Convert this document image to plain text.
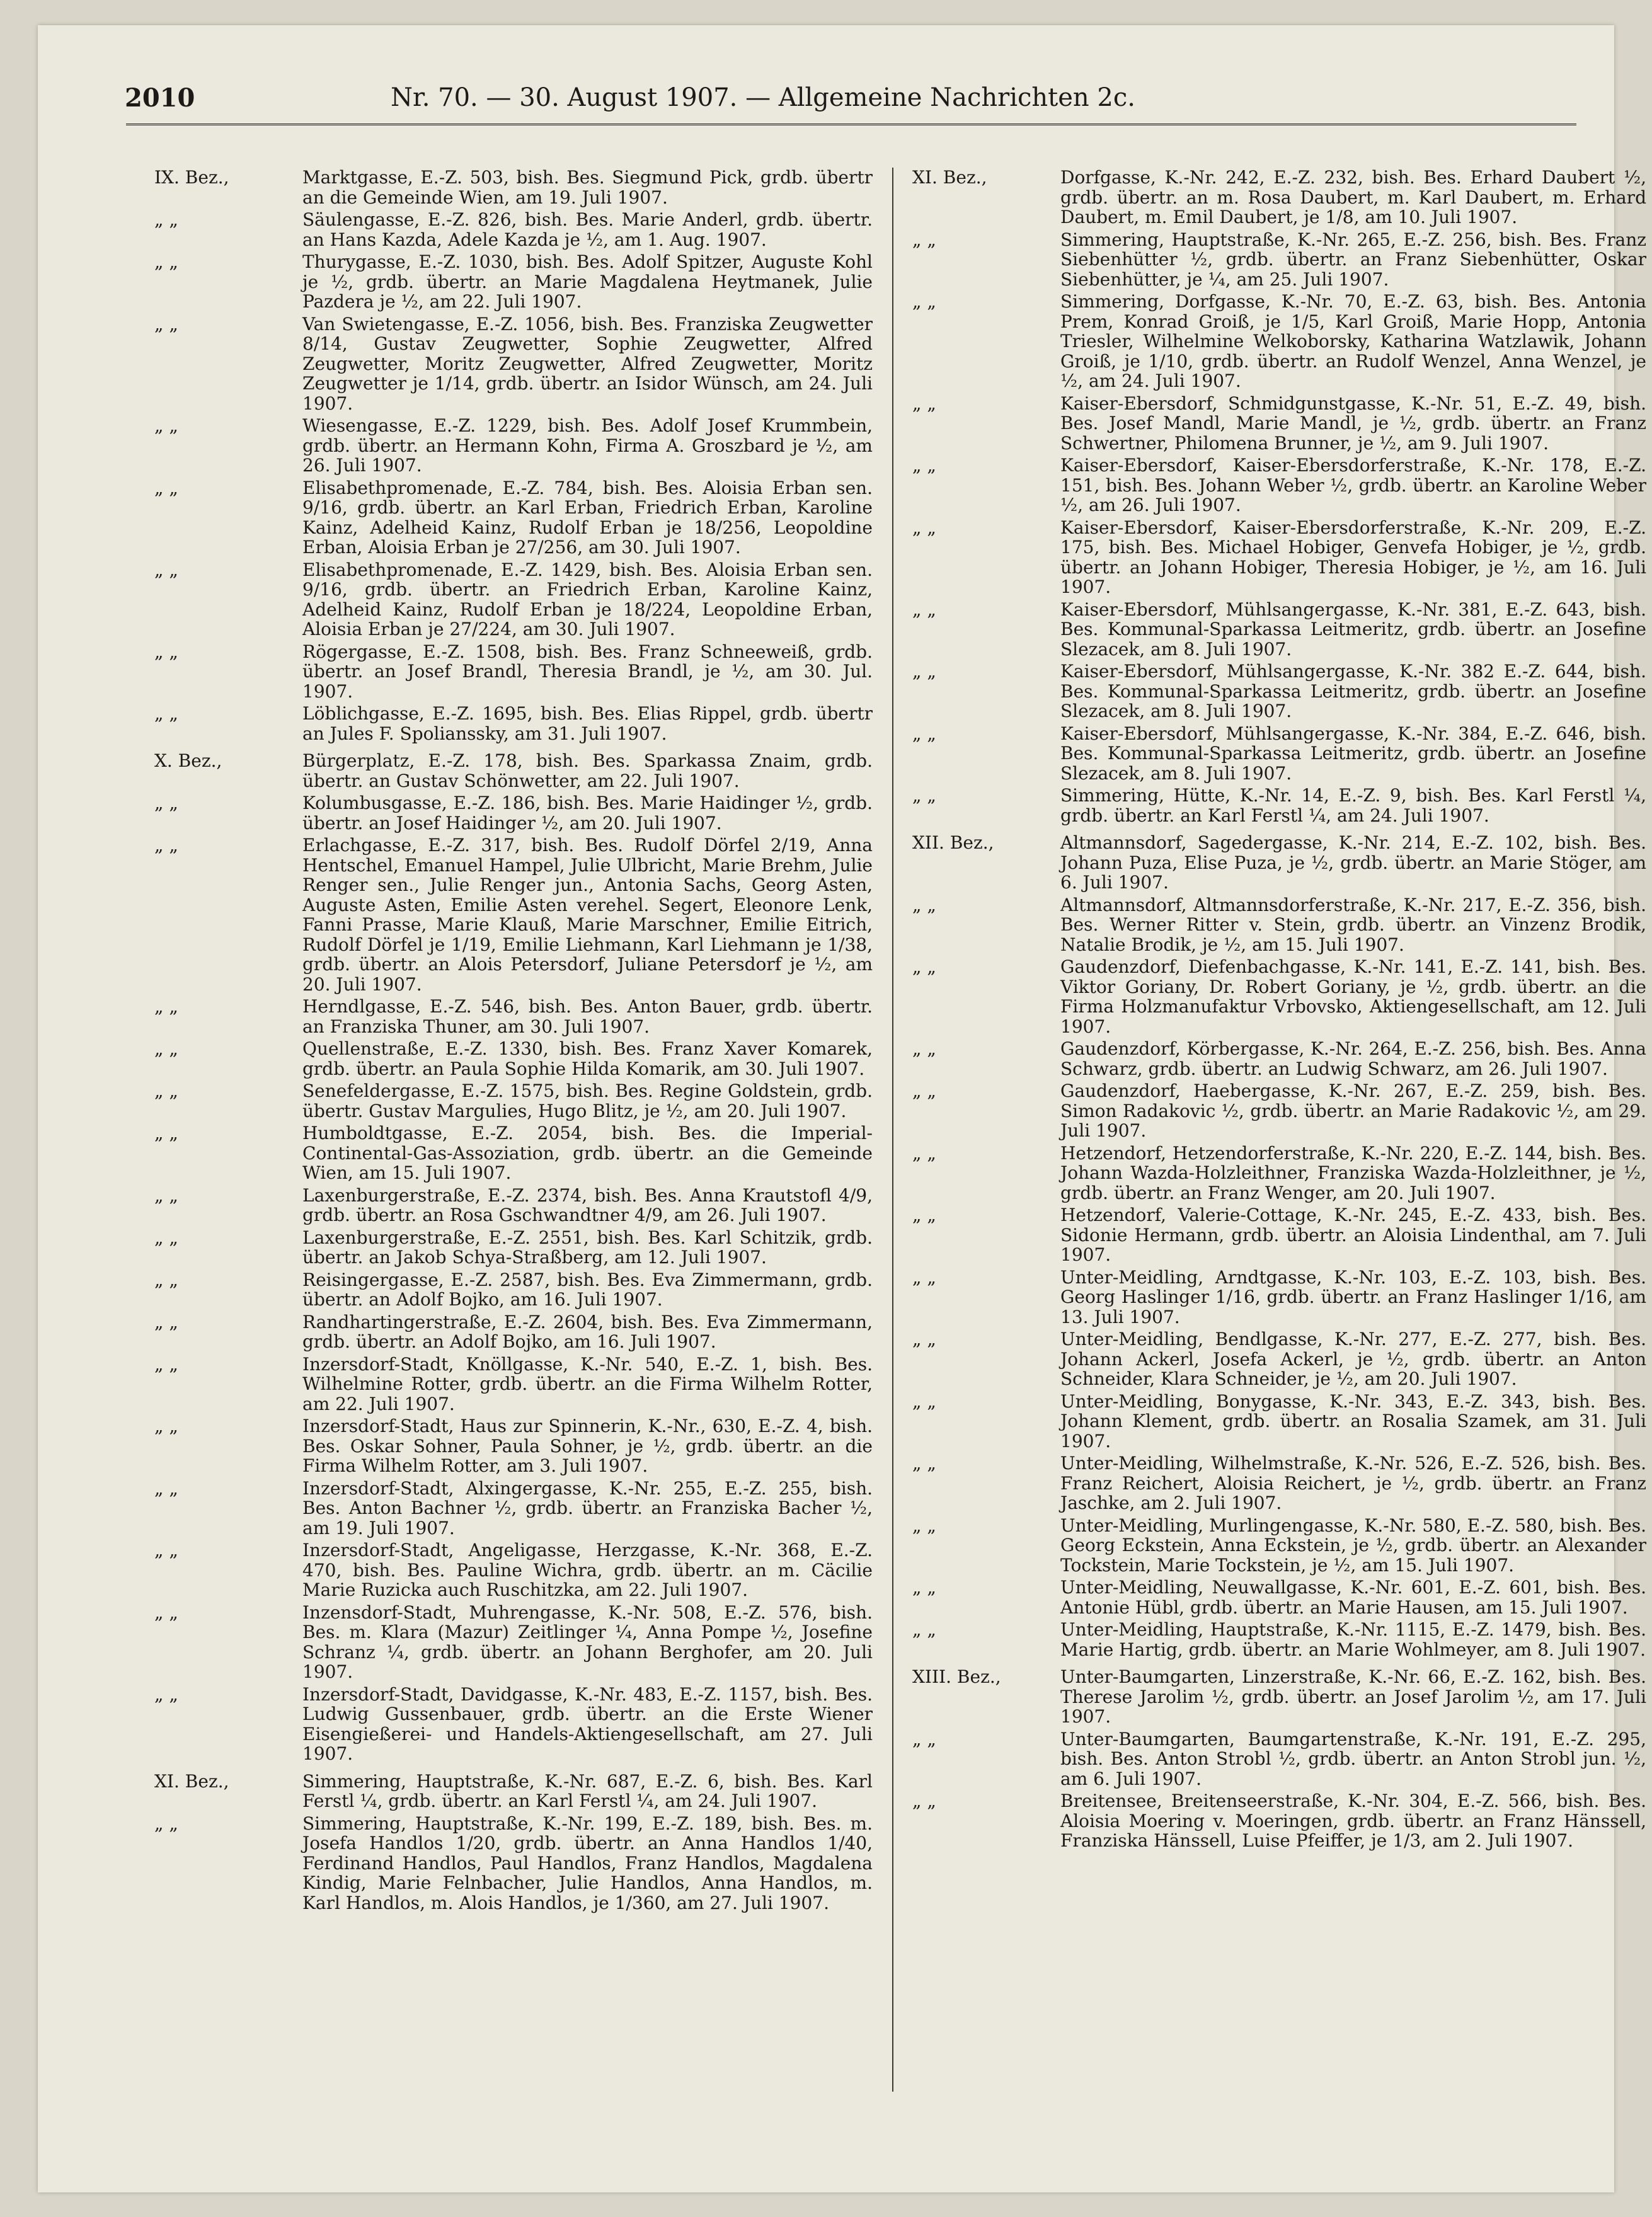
2010	Nr. 70. — 30. August 1907. — Allgemeine Nachrichten 2c.
IX. Bez.,	Marktgasse, E.-Z. 503, bish. Bes. Siegmund Pick, grdb. übertr an die Gemeinde Wien, am 19. Juli 1907.
„ „	Säulengasse, E.-Z. 826, bish. Bes. Marie Anderl, grdb. übertr. an Hans Kazda, Adele Kazda je ½, am 1. Aug. 1907.
„ „	Thurygasse, E.-Z. 1030, bish. Bes. Adolf Spitzer, Auguste Kohl je ½, grdb. übertr. an Marie Magdalena Heytmanek, Julie Pazdera je ½, am 22. Juli 1907.
„ „	Van Swietengasse, E.-Z. 1056, bish. Bes. Franziska Zeugwetter 8/14, Gustav Zeugwetter, Sophie Zeugwetter, Alfred Zeugwetter, Moritz Zeugwetter, Alfred Zeugwetter, Moritz Zeugwetter je 1/14, grdb. übertr. an Isidor Wünsch, am 24. Juli 1907.
„ „	Wiesengasse, E.-Z. 1229, bish. Bes. Adolf Josef Krummbein, grdb. übertr. an Hermann Kohn, Firma A. Groszbard je ½, am 26. Juli 1907.
„ „	Elisabethpromenade, E.-Z. 784, bish. Bes. Aloisia Erban sen. 9/16, grdb. übertr. an Karl Erban, Friedrich Erban, Karoline Kainz, Adelheid Kainz, Rudolf Erban je 18/256, Leopoldine Erban, Aloisia Erban je 27/256, am 30. Juli 1907.
„ „	Elisabethpromenade, E.-Z. 1429, bish. Bes. Aloisia Erban sen. 9/16, grdb. übertr. an Friedrich Erban, Karoline Kainz, Adelheid Kainz, Rudolf Erban je 18/224, Leopoldine Erban, Aloisia Erban je 27/224, am 30. Juli 1907.
„ „	Rögergasse, E.-Z. 1508, bish. Bes. Franz Schneeweiß, grdb. übertr. an Josef Brandl, Theresia Brandl, je ½, am 30. Jul. 1907.
„ „	Löblichgasse, E.-Z. 1695, bish. Bes. Elias Rippel, grdb. übertr an Jules F. Spolianssky, am 31. Juli 1907.
X. Bez.,	Bürgerplatz, E.-Z. 178, bish. Bes. Sparkassa Znaim, grdb. übertr. an Gustav Schönwetter, am 22. Juli 1907.
„ „	Kolumbusgasse, E.-Z. 186, bish. Bes. Marie Haidinger ½, grdb. übertr. an Josef Haidinger ½, am 20. Juli 1907.
„ „	Erlachgasse, E.-Z. 317, bish. Bes. Rudolf Dörfel 2/19, Anna Hentschel, Emanuel Hampel, Julie Ulbricht, Marie Brehm, Julie Renger sen., Julie Renger jun., Antonia Sachs, Georg Asten, Auguste Asten, Emilie Asten verehel. Segert, Eleonore Lenk, Fanni Prasse, Marie Klauß, Marie Marschner, Emilie Eitrich, Rudolf Dörfel je 1/19, Emilie Liehmann, Karl Liehmann je 1/38, grdb. übertr. an Alois Petersdorf, Juliane Petersdorf je ½, am 20. Juli 1907.
„ „	Herndlgasse, E.-Z. 546, bish. Bes. Anton Bauer, grdb. übertr. an Franziska Thuner, am 30. Juli 1907.
„ „	Quellenstraße, E.-Z. 1330, bish. Bes. Franz Xaver Komarek, grdb. übertr. an Paula Sophie Hilda Komarik, am 30. Juli 1907.
„ „	Senefeldergasse, E.-Z. 1575, bish. Bes. Regine Goldstein, grdb. übertr. Gustav Margulies, Hugo Blitz, je ½, am 20. Juli 1907.
„ „	Humboldtgasse, E.-Z. 2054, bish. Bes. die Imperial-Continental-Gas-Assoziation, grdb. übertr. an die Gemeinde Wien, am 15. Juli 1907.
„ „	Laxenburgerstraße, E.-Z. 2374, bish. Bes. Anna Krautstofl 4/9, grdb. übertr. an Rosa Gschwandtner 4/9, am 26. Juli 1907.
„ „	Laxenburgerstraße, E.-Z. 2551, bish. Bes. Karl Schitzik, grdb. übertr. an Jakob Schya-Straßberg, am 12. Juli 1907.
„ „	Reisingergasse, E.-Z. 2587, bish. Bes. Eva Zimmermann, grdb. übertr. an Adolf Bojko, am 16. Juli 1907.
„ „	Randhartingerstraße, E.-Z. 2604, bish. Bes. Eva Zimmermann, grdb. übertr. an Adolf Bojko, am 16. Juli 1907.
„ „	Inzersdorf-Stadt, Knöllgasse, K.-Nr. 540, E.-Z. 1, bish. Bes. Wilhelmine Rotter, grdb. übertr. an die Firma Wilhelm Rotter, am 22. Juli 1907.
„ „	Inzersdorf-Stadt, Haus zur Spinnerin, K.-Nr., 630, E.-Z. 4, bish. Bes. Oskar Sohner, Paula Sohner, je ½, grdb. übertr. an die Firma Wilhelm Rotter, am 3. Juli 1907.
„ „	Inzersdorf-Stadt, Alxingergasse, K.-Nr. 255, E.-Z. 255, bish. Bes. Anton Bachner ½, grdb. übertr. an Franziska Bacher ½, am 19. Juli 1907.
„ „	Inzersdorf-Stadt, Angeligasse, Herzgasse, K.-Nr. 368, E.-Z. 470, bish. Bes. Pauline Wichra, grdb. übertr. an m. Cäcilie Marie Ruzicka auch Ruschitzka, am 22. Juli 1907.
„ „	Inzensdorf-Stadt, Muhrengasse, K.-Nr. 508, E.-Z. 576, bish. Bes. m. Klara (Mazur) Zeitlinger ¼, Anna Pompe ½, Josefine Schranz ¼, grdb. übertr. an Johann Berghofer, am 20. Juli 1907.
„ „	Inzersdorf-Stadt, Davidgasse, K.-Nr. 483, E.-Z. 1157, bish. Bes. Ludwig Gussenbauer, grdb. übertr. an die Erste Wiener Eisengießerei- und Handels-Aktiengesellschaft, am 27. Juli 1907.
XI. Bez.,	Simmering, Hauptstraße, K.-Nr. 687, E.-Z. 6, bish. Bes. Karl Ferstl ¼, grdb. übertr. an Karl Ferstl ¼, am 24. Juli 1907.
„ „	Simmering, Hauptstraße, K.-Nr. 199, E.-Z. 189, bish. Bes. m. Josefa Handlos 1/20, grdb. übertr. an Anna Handlos 1/40, Ferdinand Handlos, Paul Handlos, Franz Handlos, Magdalena Kindig, Marie Felnbacher, Julie Handlos, Anna Handlos, m. Karl Handlos, m. Alois Handlos, je 1/360, am 27. Juli 1907.
XI. Bez.,	Dorfgasse, K.-Nr. 242, E.-Z. 232, bish. Bes. Erhard Daubert ½, grdb. übertr. an m. Rosa Daubert, m. Karl Daubert, m. Erhard Daubert, m. Emil Daubert, je 1/8, am 10. Juli 1907.
„ „	Simmering, Hauptstraße, K.-Nr. 265, E.-Z. 256, bish. Bes. Franz Siebenhütter ½, grdb. übertr. an Franz Siebenhütter, Oskar Siebenhütter, je ¼, am 25. Juli 1907.
„ „	Simmering, Dorfgasse, K.-Nr. 70, E.-Z. 63, bish. Bes. Antonia Prem, Konrad Groiß, je 1/5, Karl Groiß, Marie Hopp, Antonia Triesler, Wilhelmine Welkoborsky, Katharina Watzlawik, Johann Groiß, je 1/10, grdb. übertr. an Rudolf Wenzel, Anna Wenzel, je ½, am 24. Juli 1907.
„ „	Kaiser-Ebersdorf, Schmidgunstgasse, K.-Nr. 51, E.-Z. 49, bish. Bes. Josef Mandl, Marie Mandl, je ½, grdb. übertr. an Franz Schwertner, Philomena Brunner, je ½, am 9. Juli 1907.
„ „	Kaiser-Ebersdorf, Kaiser-Ebersdorferstraße, K.-Nr. 178, E.-Z. 151, bish. Bes. Johann Weber ½, grdb. übertr. an Karoline Weber ½, am 26. Juli 1907.
„ „	Kaiser-Ebersdorf, Kaiser-Ebersdorferstraße, K.-Nr. 209, E.-Z. 175, bish. Bes. Michael Hobiger, Genvefa Hobiger, je ½, grdb. übertr. an Johann Hobiger, Theresia Hobiger, je ½, am 16. Juli 1907.
„ „	Kaiser-Ebersdorf, Mühlsangergasse, K.-Nr. 381, E.-Z. 643, bish. Bes. Kommunal-Sparkassa Leitmeritz, grdb. übertr. an Josefine Slezacek, am 8. Juli 1907.
„ „	Kaiser-Ebersdorf, Mühlsangergasse, K.-Nr. 382 E.-Z. 644, bish. Bes. Kommunal-Sparkassa Leitmeritz, grdb. übertr. an Josefine Slezacek, am 8. Juli 1907.
„ „	Kaiser-Ebersdorf, Mühlsangergasse, K.-Nr. 384, E.-Z. 646, bish. Bes. Kommunal-Sparkassa Leitmeritz, grdb. übertr. an Josefine Slezacek, am 8. Juli 1907.
„ „	Simmering, Hütte, K.-Nr. 14, E.-Z. 9, bish. Bes. Karl Ferstl ¼, grdb. übertr. an Karl Ferstl ¼, am 24. Juli 1907.
XII. Bez.,	Altmannsdorf, Sagedergasse, K.-Nr. 214, E.-Z. 102, bish. Bes. Johann Puza, Elise Puza, je ½, grdb. übertr. an Marie Stöger, am 6. Juli 1907.
„ „	Altmannsdorf, Altmannsdorferstraße, K.-Nr. 217, E.-Z. 356, bish. Bes. Werner Ritter v. Stein, grdb. übertr. an Vinzenz Brodik, Natalie Brodik, je ½, am 15. Juli 1907.
„ „	Gaudenzdorf, Diefenbachgasse, K.-Nr. 141, E.-Z. 141, bish. Bes. Viktor Goriany, Dr. Robert Goriany, je ½, grdb. übertr. an die Firma Holzmanufaktur Vrbovsko, Aktiengesellschaft, am 12. Juli 1907.
„ „	Gaudenzdorf, Körbergasse, K.-Nr. 264, E.-Z. 256, bish. Bes. Anna Schwarz, grdb. übertr. an Ludwig Schwarz, am 26. Juli 1907.
„ „	Gaudenzdorf, Haebergasse, K.-Nr. 267, E.-Z. 259, bish. Bes. Simon Radakovic ½, grdb. übertr. an Marie Radakovic ½, am 29. Juli 1907.
„ „	Hetzendorf, Hetzendorferstraße, K.-Nr. 220, E.-Z. 144, bish. Bes. Johann Wazda-Holzleithner, Franziska Wazda-Holzleithner, je ½, grdb. übertr. an Franz Wenger, am 20. Juli 1907.
„ „	Hetzendorf, Valerie-Cottage, K.-Nr. 245, E.-Z. 433, bish. Bes. Sidonie Hermann, grdb. übertr. an Aloisia Lindenthal, am 7. Juli 1907.
„ „	Unter-Meidling, Arndtgasse, K.-Nr. 103, E.-Z. 103, bish. Bes. Georg Haslinger 1/16, grdb. übertr. an Franz Haslinger 1/16, am 13. Juli 1907.
„ „	Unter-Meidling, Bendlgasse, K.-Nr. 277, E.-Z. 277, bish. Bes. Johann Ackerl, Josefa Ackerl, je ½, grdb. übertr. an Anton Schneider, Klara Schneider, je ½, am 20. Juli 1907.
„ „	Unter-Meidling, Bonygasse, K.-Nr. 343, E.-Z. 343, bish. Bes. Johann Klement, grdb. übertr. an Rosalia Szamek, am 31. Juli 1907.
„ „	Unter-Meidling, Wilhelmstraße, K.-Nr. 526, E.-Z. 526, bish. Bes. Franz Reichert, Aloisia Reichert, je ½, grdb. übertr. an Franz Jaschke, am 2. Juli 1907.
„ „	Unter-Meidling, Murlingengasse, K.-Nr. 580, E.-Z. 580, bish. Bes. Georg Eckstein, Anna Eckstein, je ½, grdb. übertr. an Alexander Tockstein, Marie Tockstein, je ½, am 15. Juli 1907.
„ „	Unter-Meidling, Neuwallgasse, K.-Nr. 601, E.-Z. 601, bish. Bes. Antonie Hübl, grdb. übertr. an Marie Hausen, am 15. Juli 1907.
„ „	Unter-Meidling, Hauptstraße, K.-Nr. 1115, E.-Z. 1479, bish. Bes. Marie Hartig, grdb. übertr. an Marie Wohlmeyer, am 8. Juli 1907.
XIII. Bez.,	Unter-Baumgarten, Linzerstraße, K.-Nr. 66, E.-Z. 162, bish. Bes. Therese Jarolim ½, grdb. übertr. an Josef Jarolim ½, am 17. Juli 1907.
„ „	Unter-Baumgarten, Baumgartenstraße, K.-Nr. 191, E.-Z. 295, bish. Bes. Anton Strobl ½, grdb. übertr. an Anton Strobl jun. ½, am 6. Juli 1907.
„ „	Breitensee, Breitenseerstraße, K.-Nr. 304, E.-Z. 566, bish. Bes. Aloisia Moering v. Moeringen, grdb. übertr. an Franz Hänssell, Franziska Hänssell, Luise Pfeiffer, je 1/3, am 2. Juli 1907.
